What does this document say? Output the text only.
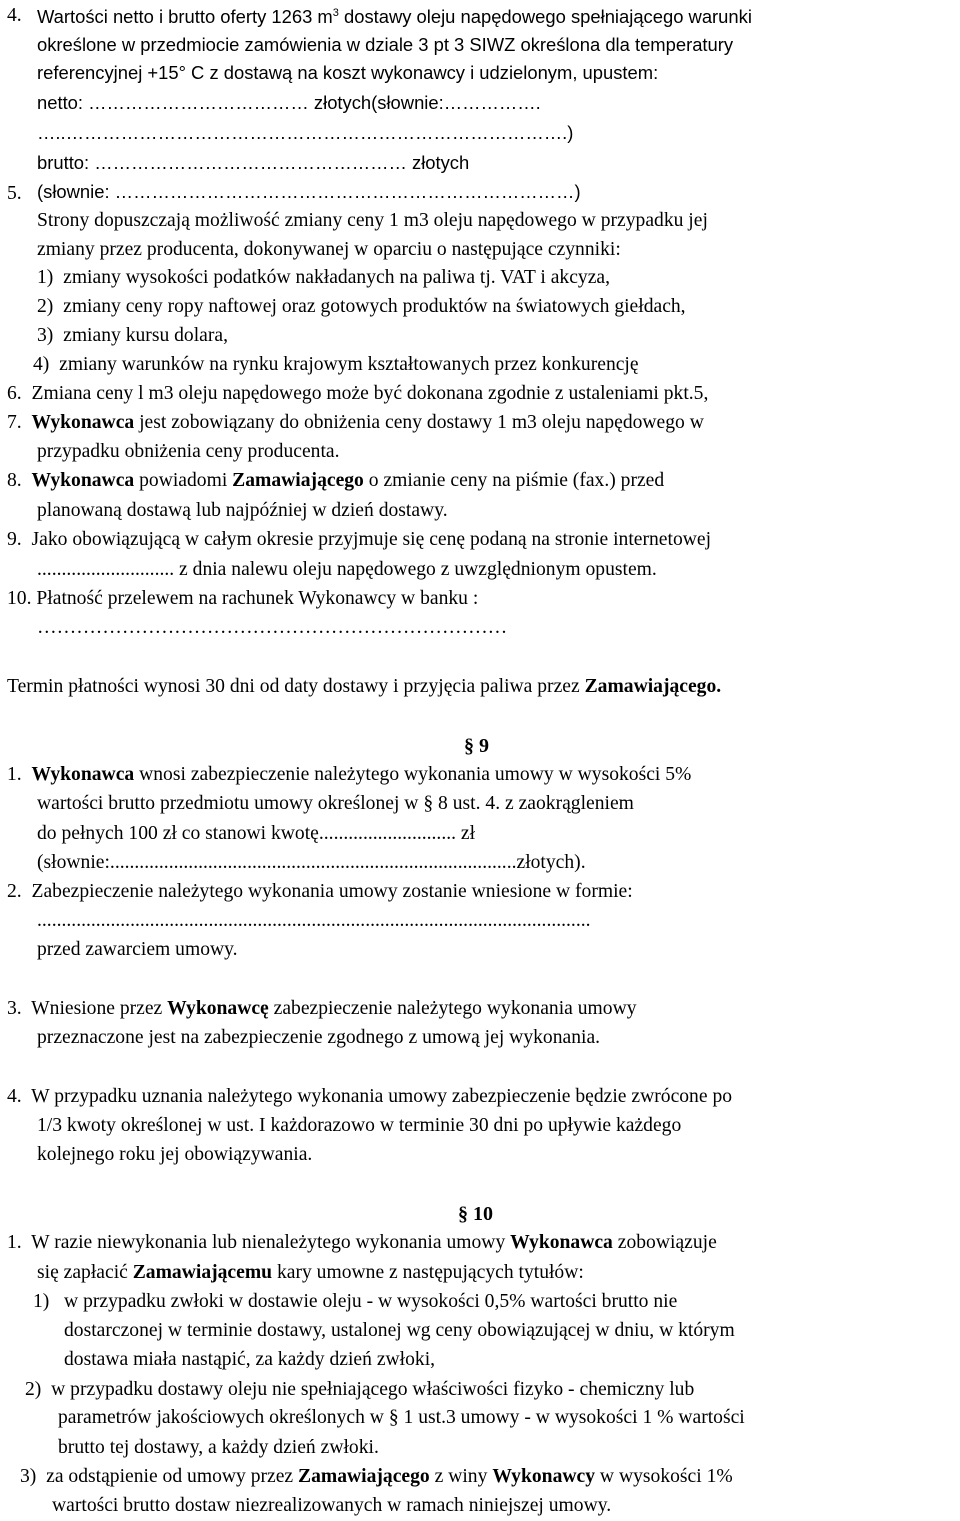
4. Wartości netto i brutto oferty 1263 $m^3$ dostawy oleju napędowego spełniającego warunki
określone w przedmiocie zamówienia w dziale 3 pt 3 SIWZ określona dla temperatury
referencyjnej +15° C z dostawą na koszt wykonawcy i udzielonym, upustem:
netto: ……………………………… złotych(słownie:…………….
…..……………………………………………………………………….)
brutto: …………………………………………… złotych
(słownie: …………………………………………………………………)
5.
Strony dopuszczają możliwość zmiany ceny 1 m3 oleju napędowego w przypadku jej
zmiany przez producenta, dokonywanej w oparciu o następujące czynniki:
1) zmiany wysokości podatków nakładanych na paliwa tj. VAT i akcyza,
2) zmiany ceny ropy naftowej oraz gotowych produktów na światowych giełdach,
3) zmiany kursu dolara,
4) zmiany warunków na rynku krajowym kształtowanych przez konkurencję
6. Zmiana ceny l m3 oleju napędowego może być dokonana zgodnie z ustaleniami pkt.5,
7. Wykonawca jest zobowiązany do obniżenia ceny dostawy 1 m3 oleju napędowego w
przypadku obniżenia ceny producenta.
8. Wykonawca powiadomi Zamawiającego o zmianie ceny na piśmie (fax.) przed
planowaną dostawą lub najpóźniej w dzień dostawy.
9. Jako obowiązującą w całym okresie przyjmuje się cenę podaną na stronie internetowej
............................ z dnia nalewu oleju napędowego z uwzględnionym opustem.
10. Płatność przelewem na rachunek Wykonawcy w banku :
………………………………………………………………
Termin płatności wynosi 30 dni od daty dostawy i przyjęcia paliwa przez Zamawiającego.
§ 9
1. Wykonawca wnosi zabezpieczenie należytego wykonania umowy w wysokości 5%
wartości brutto przedmiotu umowy określonej w § 8 ust. 4. z zaokrągleniem
do pełnych 100 zł co stanowi kwotę............................ zł
(słownie:...................................................................................złotych).
2. Zabezpieczenie należytego wykonania umowy zostanie wniesione w formie:
.................................................................................................................
przed zawarciem umowy.
3. Wniesione przez Wykonawcę zabezpieczenie należytego wykonania umowy
przeznaczone jest na zabezpieczenie zgodnego z umową jej wykonania.
4. W przypadku uznania należytego wykonania umowy zabezpieczenie będzie zwrócone po
1/3 kwoty określonej w ust. I każdorazowo w terminie 30 dni po upływie każdego
kolejnego roku jej obowiązywania.
§ 10
1. W razie niewykonania lub nienależytego wykonania umowy Wykonawca zobowiązuje
się zapłacić Zamawiającemu kary umowne z następujących tytułów:
1) w przypadku zwłoki w dostawie oleju - w wysokości 0,5% wartości brutto nie
dostarczonej w terminie dostawy, ustalonej wg ceny obowiązującej w dniu, w którym
dostawa miała nastąpić, za każdy dzień zwłoki,
2) w przypadku dostawy oleju nie spełniającego właściwości fizyko - chemiczny lub
parametrów jakościowych określonych w § 1 ust.3 umowy - w wysokości 1 % wartości
brutto tej dostawy, a każdy dzień zwłoki.
3) za odstąpienie od umowy przez Zamawiającego z winy Wykonawcy w wysokości 1%
wartości brutto dostaw niezrealizowanych w ramach niniejszej umowy.
